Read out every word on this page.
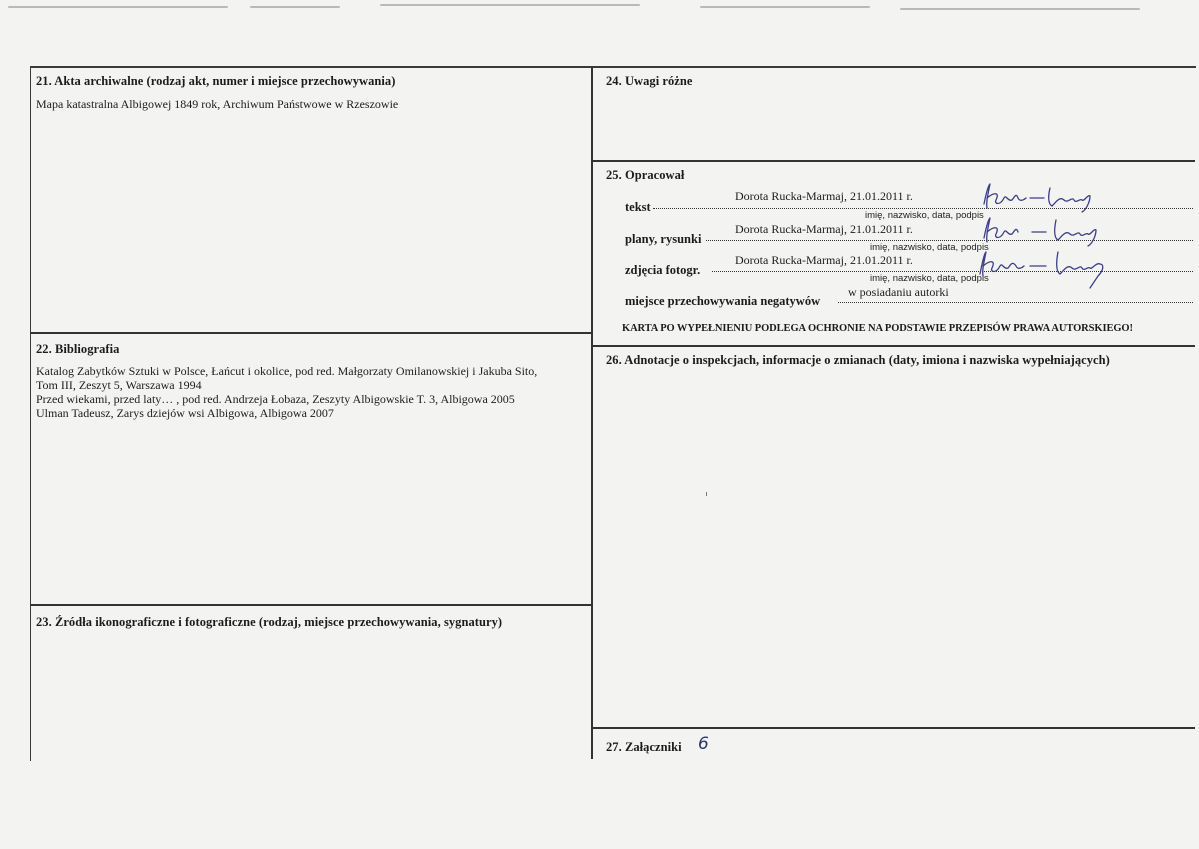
21. Akta archiwalne (rodzaj akt, numer i miejsce przechowywania)
Mapa katastralna Albigowej 1849 rok, Archiwum Państwowe w Rzeszowie
22. Bibliografia
Katalog Zabytków Sztuki w Polsce, Łańcut i okolice, pod red. Małgorzaty Omilanowskiej i Jakuba Sito,
Tom III, Zeszyt 5, Warszawa 1994
Przed wiekami, przed laty… , pod red. Andrzeja Łobaza, Zeszyty Albigowskie T. 3, Albigowa 2005
Ulman Tadeusz, Zarys dziejów wsi Albigowa, Albigowa 2007
23. Źródła ikonograficzne i fotograficzne (rodzaj, miejsce przechowywania, sygnatury)
24. Uwagi różne
25. Opracował
tekst
Dorota Rucka-Marmaj, 21.01.2011 r.
imię, nazwisko, data, podpis
plany, rysunki
Dorota Rucka-Marmaj, 21.01.2011 r.
imię, nazwisko, data, podpis
zdjęcia fotogr.
Dorota Rucka-Marmaj, 21.01.2011 r.
imię, nazwisko, data, podpis
miejsce przechowywania negatywów
w posiadaniu autorki
KARTA PO WYPEŁNIENIU PODLEGA OCHRONIE NA PODSTAWIE PRZEPISÓW PRAWA AUTORSKIEGO!
26. Adnotacje o inspekcjach, informacje o zmianach (daty, imiona i nazwiska wypełniających)
27. Załączniki 6
